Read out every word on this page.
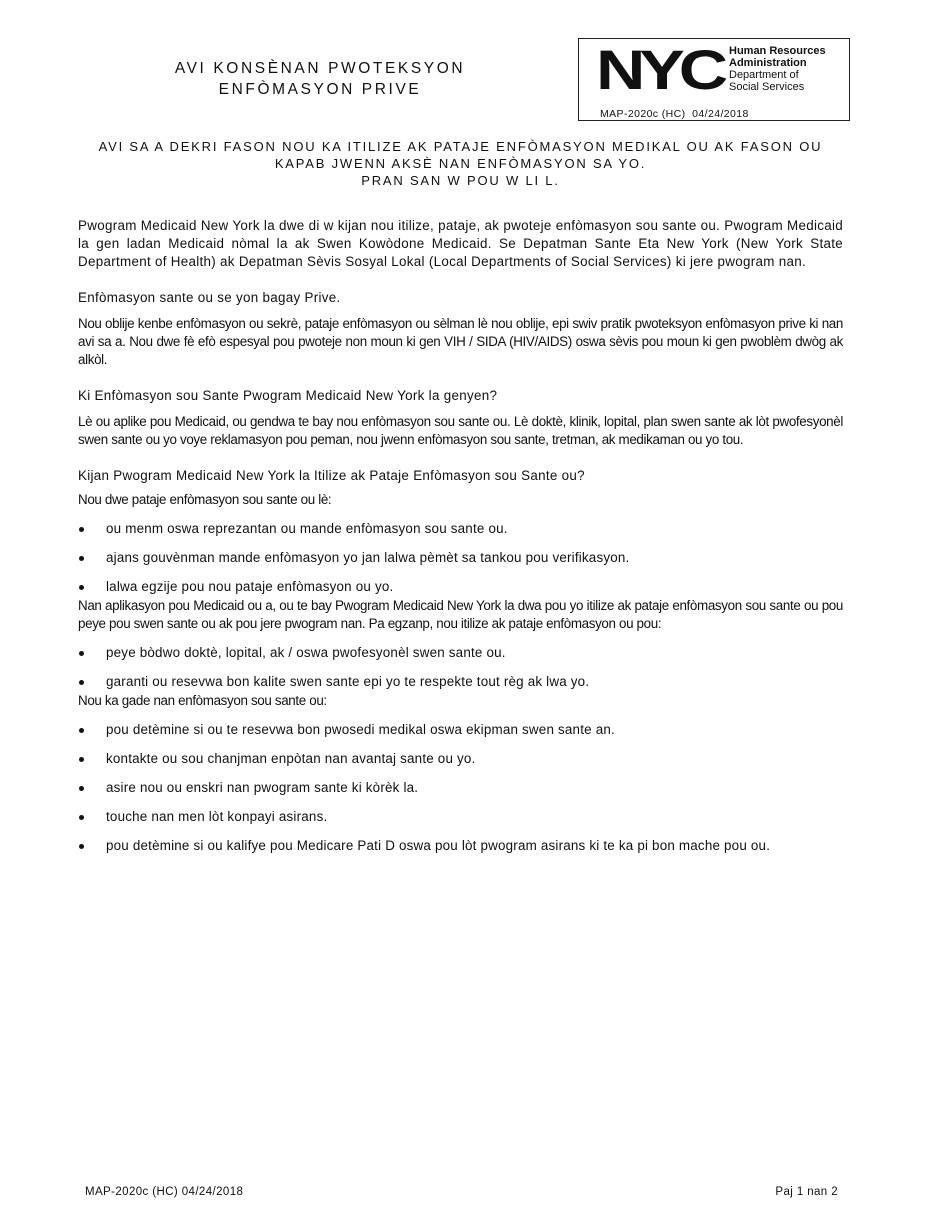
AVI KONSÈNAN PWOTEKSYON
ENFÒMASYON PRIVE	NYC Human Resources
Administration
Department of
Social Services
MAP-2020c (HC)  04/24/2018
AVI SA A DEKRI FASON NOU KA ITILIZE AK PATAJE ENFÒMASYON MEDIKAL OU AK FASON OU
KAPAB JWENN AKSÈ NAN ENFÒMASYON SA YO.
PRAN SAN W POU W LI L.

Pwogram Medicaid New York la dwe di w kijan nou itilize, pataje, ak pwoteje enfòmasyon sou sante ou. Pwogram Medicaid la gen ladan Medicaid nòmal la ak Swen Kowòdone Medicaid. Se Depatman Sante Eta New York (New York State Department of Health) ak Depatman Sèvis Sosyal Lokal (Local Departments of Social Services) ki jere pwogram nan.

Enfòmasyon sante ou se yon bagay Prive.

Nou oblije kenbe enfòmasyon ou sekrè, pataje enfòmasyon ou sèlman lè nou oblije, epi swiv pratik pwoteksyon enfòmasyon prive ki nan avi sa a. Nou dwe fè efò espesyal pou pwoteje non moun ki gen VIH / SIDA (HIV/AIDS) oswa sèvis pou moun ki gen pwoblèm dwòg ak alkòl.

Ki Enfòmasyon sou Sante Pwogram Medicaid New York la genyen?

Lè ou aplike pou Medicaid, ou gendwa te bay nou enfòmasyon sou sante ou. Lè doktè, klinik, lopital, plan swen sante ak lòt pwofesyonèl swen sante ou yo voye reklamasyon pou peman, nou jwenn enfòmasyon sou sante, tretman, ak medikaman ou yo tou.

Kijan Pwogram Medicaid New York la Itilize ak Pataje Enfòmasyon sou Sante ou?

Nou dwe pataje enfòmasyon sou sante ou lè:

ou menm oswa reprezantan ou mande enfòmasyon sou sante ou.
ajans gouvènman mande enfòmasyon yo jan lalwa pèmèt sa tankou pou verifikasyon.
lalwa egzije pou nou pataje enfòmasyon ou yo.

Nan aplikasyon pou Medicaid ou a, ou te bay Pwogram Medicaid New York la dwa pou yo itilize ak pataje enfòmasyon sou sante ou pou peye pou swen sante ou ak pou jere pwogram nan. Pa egzanp, nou itilize ak pataje enfòmasyon ou pou:

peye bòdwo doktè, lopital, ak / oswa pwofesyonèl swen sante ou.
garanti ou resevwa bon kalite swen sante epi yo te respekte tout règ ak lwa yo.

Nou ka gade nan enfòmasyon sou sante ou:

pou detèmine si ou te resevwa bon pwosedi medikal oswa ekipman swen sante an.
kontakte ou sou chanjman enpòtan nan avantaj sante ou yo.
asire nou ou enskri nan pwogram sante ki kòrèk la.
touche nan men lòt konpayi asirans.
pou detèmine si ou kalifye pou Medicare Pati D oswa pou lòt pwogram asirans ki te ka pi bon mache pou ou.
MAP-2020c (HC) 04/24/2018	Paj 1 nan 2
